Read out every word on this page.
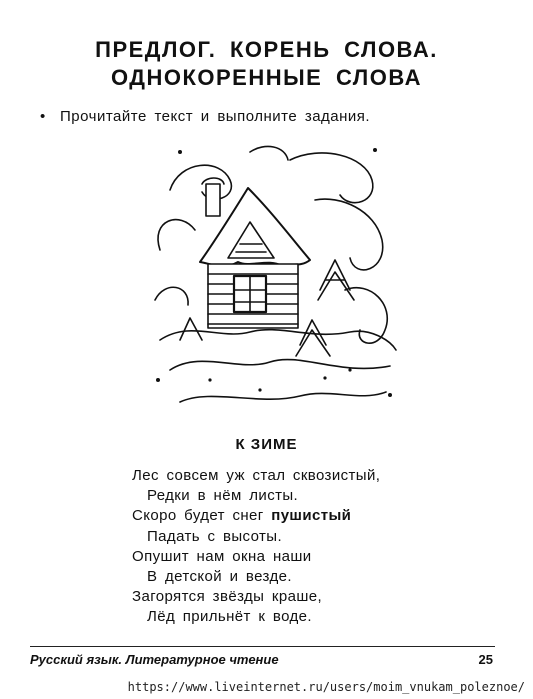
ПРЕДЛОГ. КОРЕНЬ СЛОВА.
ОДНОКОРЕННЫЕ СЛОВА
• Прочитайте текст и выполните задания.
К ЗИМЕ
Лес совсем уж стал сквозистый,
Редки в нём листы.
Скоро будет снег пушистый
Падать с высоты.
Опушит нам окна наши
В детской и везде.
Загорятся звёзды краше,
Лёд прильнёт к воде.
Русский язык. Литературное чтение	25
https://www.liveinternet.ru/users/moim_vnukam_poleznoe/
